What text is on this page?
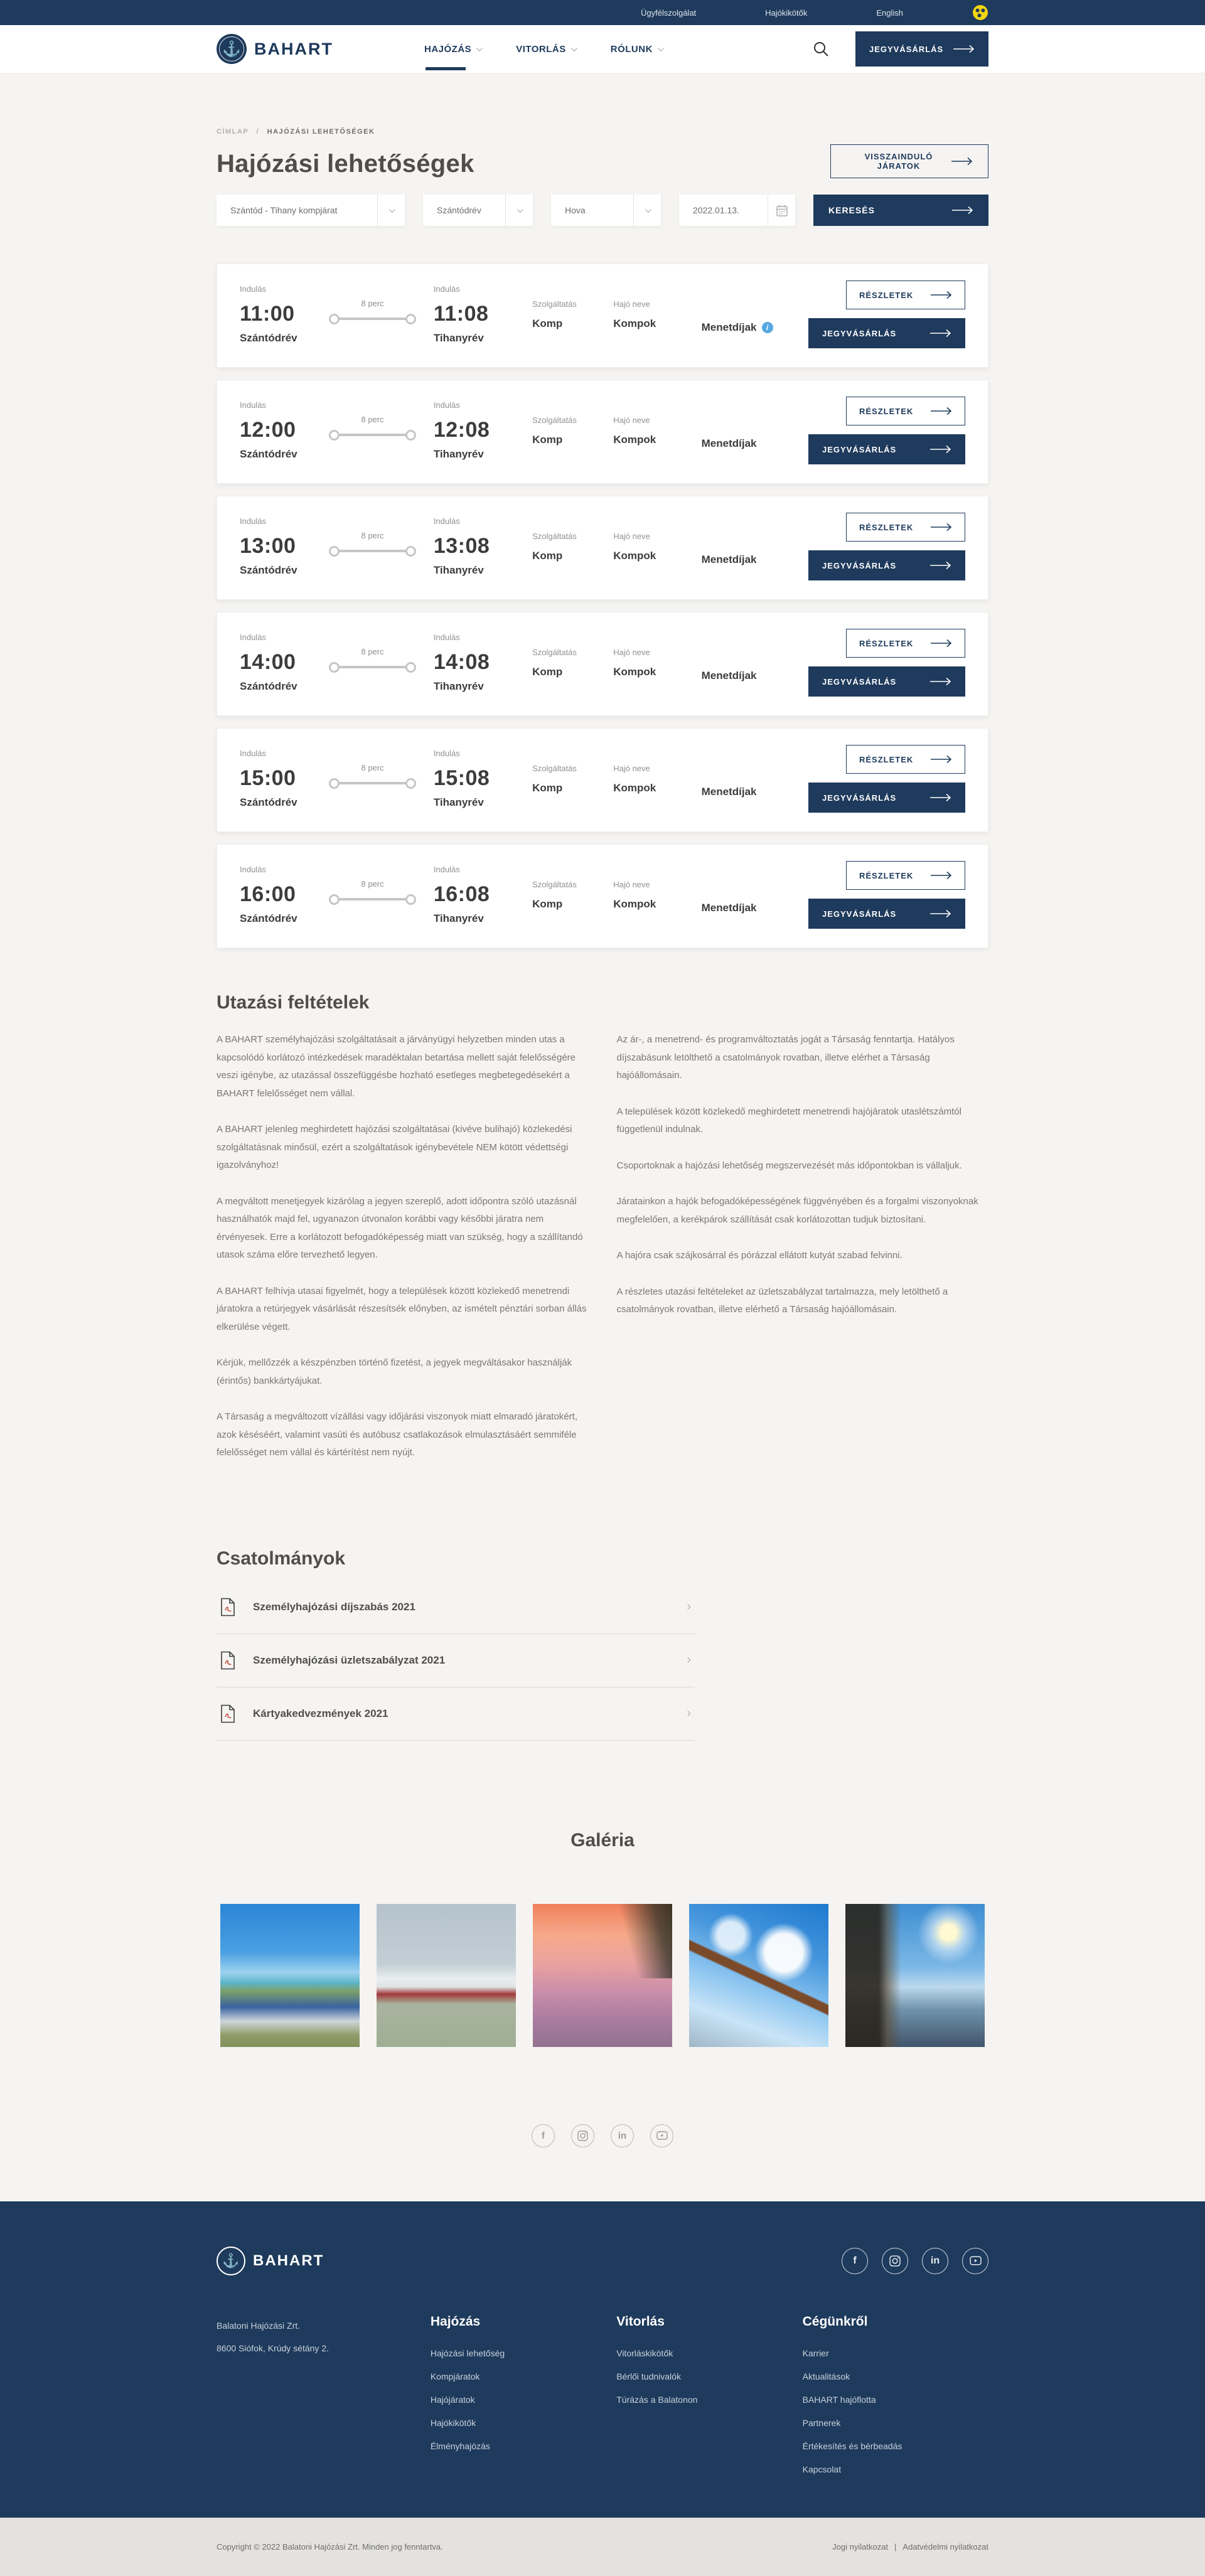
Ügyfélszolgálat	Hajókikötők	English
⚓ BAHART	HAJÓZÁS	VITORLÁS	RÓLUNK	JEGYVÁSÁRLÁS
CÍMLAP / HAJÓZÁSI LEHETŐSÉGEK
Hajózási lehetőségek	VISSZAINDULÓ JÁRATOK
Szántód - Tihany kompjárat	Szántódrév	Hova	2022.01.13.	KERESÉS
Indulás
11:00
Szántódrév
8 perc
Indulás
11:08
Tihanyrév
Szolgáltatás
Komp
Hajó neve
Kompok	Menetdíjak	i
RÉSZLETEK
JEGYVÁSÁRLÁS
Indulás
12:00
Szántódrév
8 perc
Indulás
12:08
Tihanyrév
Szolgáltatás
Komp
Hajó neve
Kompok	Menetdíjak
RÉSZLETEK
JEGYVÁSÁRLÁS
Indulás
13:00
Szántódrév
8 perc
Indulás
13:08
Tihanyrév
Szolgáltatás
Komp
Hajó neve
Kompok	Menetdíjak
RÉSZLETEK
JEGYVÁSÁRLÁS
Indulás
14:00
Szántódrév
8 perc
Indulás
14:08
Tihanyrév
Szolgáltatás
Komp
Hajó neve
Kompok	Menetdíjak
RÉSZLETEK
JEGYVÁSÁRLÁS
Indulás
15:00
Szántódrév
8 perc
Indulás
15:08
Tihanyrév
Szolgáltatás
Komp
Hajó neve
Kompok	Menetdíjak
RÉSZLETEK
JEGYVÁSÁRLÁS
Indulás
16:00
Szántódrév
8 perc
Indulás
16:08
Tihanyrév
Szolgáltatás
Komp
Hajó neve
Kompok	Menetdíjak
RÉSZLETEK
JEGYVÁSÁRLÁS
Utazási feltételek

A BAHART személyhajózási szolgáltatásait a járványügyi helyzetben minden utas a kapcsolódó korlátozó intézkedések maradéktalan betartása mellett saját felelősségére veszi igénybe, az utazással összefüggésbe hozható esetleges megbetegedésekért a BAHART felelősséget nem vállal.

A BAHART jelenleg meghirdetett hajózási szolgáltatásai (kivéve bulihajó) közlekedési szolgáltatásnak minősül, ezért a szolgáltatások igénybevétele NEM kötött védettségi igazolványhoz!

A megváltott menetjegyek kizárólag a jegyen szereplő, adott időpontra szóló utazásnál használhatók majd fel, ugyanazon útvonalon korábbi vagy későbbi járatra nem érvényesek. Erre a korlátozott befogadóképesség miatt van szükség, hogy a szállítandó utasok száma előre tervezhető legyen.

A BAHART felhívja utasai figyelmét, hogy a települések között közlekedő menetrendi járatokra a retúrjegyek vásárlását részesítsék előnyben, az ismételt pénztári sorban állás elkerülése végett.

Kérjük, mellőzzék a készpénzben történő fizetést, a jegyek megváltásakor használják (érintős) bankkártyájukat.

A Társaság a megváltozott vízállási vagy időjárási viszonyok miatt elmaradó járatokért, azok késéséért, valamint vasúti és autóbusz csatlakozások elmulasztásáért semmiféle felelősséget nem vállal és kártérítést nem nyújt.

Az ár-, a menetrend- és programváltoztatás jogát a Társaság fenntartja. Hatályos díjszabásunk letölthető a csatolmányok rovatban, illetve elérhet a Társaság hajóállomásain.

A települések között közlekedő meghirdetett menetrendi hajójáratok utaslétszámtól függetlenül indulnak.

Csoportoknak a hajózási lehetőség megszervezését más időpontokban is vállaljuk.

Járatainkon a hajók befogadóképességének függvényében és a forgalmi viszonyoknak megfelelően, a kerékpárok szállítását csak korlátozottan tudjuk biztosítani.

A hajóra csak szájkosárral és pórázzal ellátott kutyát szabad felvinni.

A részletes utazási feltételeket az üzletszabályzat tartalmazza, mely letölthető a csatolmányok rovatban, illetve elérhető a Társaság hajóállomásain.

Csatolmányok
Személyhajózási díjszabás 2021	›
Személyhajózási üzletszabályzat 2021	›
Kártyakedvezmények 2021	›
Galéria
f	in
⚓ BAHART	f	in
Balatoni Hajózási Zrt.
8600 Siófok, Krúdy sétány 2.
Hajózás
Hajózási lehetőség
Kompjáratok
Hajójáratok
Hajókikötők
Élményhajózás
Vitorlás
Vitorláskikötők
Bérlői tudnivalók
Túrázás a Balatonon
Cégünkről
Karrier
Aktualitások
BAHART hajóflotta
Partnerek
Értékesítés és bérbeadás
Kapcsolat
Copyright © 2022 Balatoni Hajózási Zrt. Minden jog fenntartva.	Jogi nyilatkozat | Adatvédelmi nyilatkozat
